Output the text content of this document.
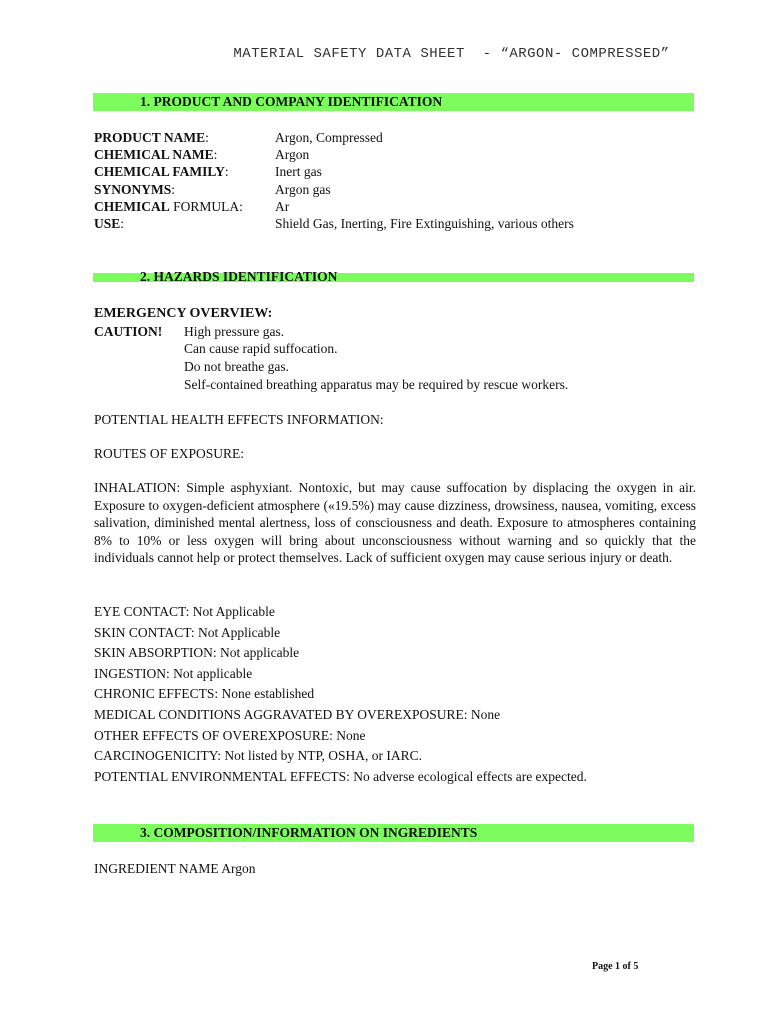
MATERIAL SAFETY DATA SHEET  - “ARGON- COMPRESSED”
1. PRODUCT AND COMPANY IDENTIFICATION
PRODUCT NAME:	Argon, Compressed
CHEMICAL NAME:	Argon
CHEMICAL FAMILY:	Inert gas
SYNONYMS:	Argon gas
CHEMICAL FORMULA:	Ar
USE:	Shield Gas, Inerting, Fire Extinguishing, various others
2. HAZARDS IDENTIFICATION
EMERGENCY OVERVIEW:
CAUTION!	High pressure gas.
Can cause rapid suffocation.
Do not breathe gas.
Self-contained breathing apparatus may be required by rescue workers.
POTENTIAL HEALTH EFFECTS INFORMATION:
ROUTES OF EXPOSURE:
INHALATION: Simple asphyxiant. Nontoxic, but may cause suffocation by displacing the oxygen in air. Exposure to oxygen-deficient atmosphere («19.5%) may cause dizziness, drowsiness, nausea, vomiting, excess salivation, diminished mental alertness, loss of consciousness and death. Exposure to atmospheres containing 8% to 10% or less oxygen will bring about unconsciousness without warning and so quickly that the individuals cannot help or protect themselves. Lack of sufficient oxygen may cause serious injury or death.
EYE CONTACT: Not Applicable
SKIN CONTACT: Not Applicable
SKIN ABSORPTION: Not applicable
INGESTION: Not applicable
CHRONIC EFFECTS: None established
MEDICAL CONDITIONS AGGRAVATED BY OVEREXPOSURE: None
OTHER EFFECTS OF OVEREXPOSURE: None
CARCINOGENICITY: Not listed by NTP, OSHA, or IARC.
POTENTIAL ENVIRONMENTAL EFFECTS: No adverse ecological effects are expected.
3. COMPOSITION/INFORMATION ON INGREDIENTS
INGREDIENT NAME Argon
Page 1 of 5
